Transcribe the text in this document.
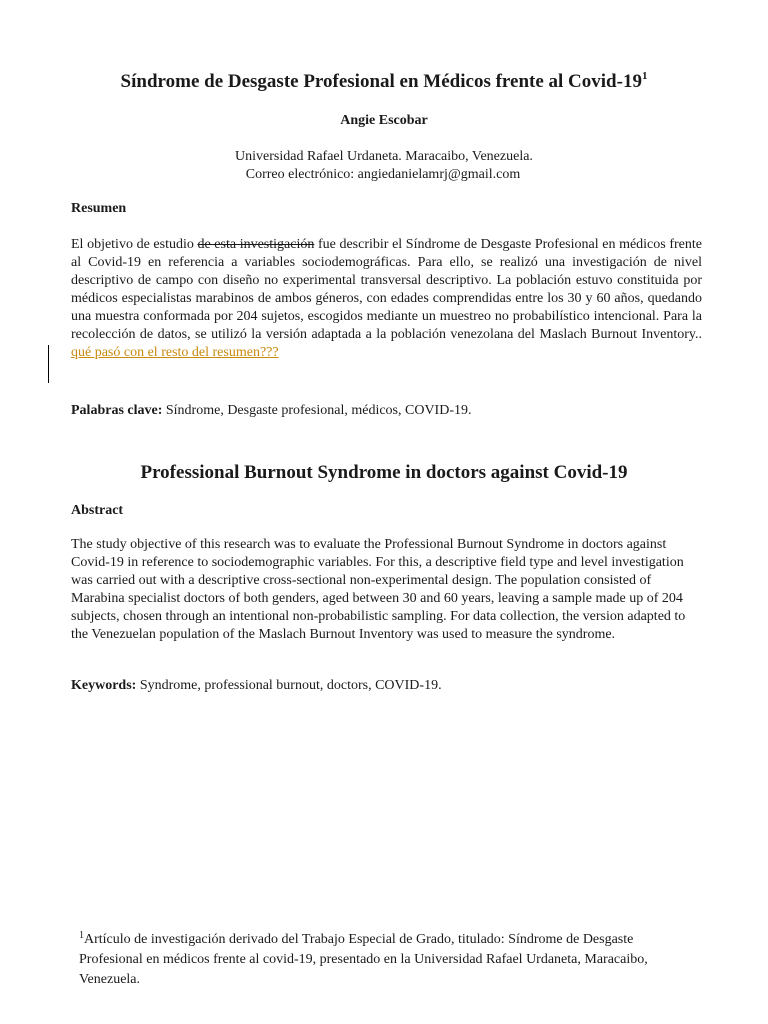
Síndrome de Desgaste Profesional en Médicos frente al Covid-$19^1$
Angie Escobar
Universidad Rafael Urdaneta. Maracaibo, Venezuela.
Correo electrónico: angiedanielamrj@gmail.com
Resumen
El objetivo de estudio de esta investigación fue describir el Síndrome de Desgaste Profesional en médicos frente al Covid-19 en referencia a variables sociodemográficas. Para ello, se realizó una investigación de nivel descriptivo de campo con diseño no experimental transversal descriptivo. La población estuvo constituida por médicos especialistas marabinos de ambos géneros, con edades comprendidas entre los 30 y 60 años, quedando una muestra conformada por 204 sujetos, escogidos mediante un muestreo no probabilístico intencional. Para la recolección de datos, se utilizó la versión adaptada a la población venezolana del Maslach Burnout Inventory.. qué pasó con el resto del resumen???
Palabras clave: Síndrome, Desgaste profesional, médicos, COVID-19.
Professional Burnout Syndrome in doctors against Covid-19
Abstract
The study objective of this research was to evaluate the Professional Burnout Syndrome in doctors against Covid-19 in reference to sociodemographic variables. For this, a descriptive field type and level investigation was carried out with a descriptive cross-sectional non-experimental design. The population consisted of Marabina specialist doctors of both genders, aged between 30 and 60 years, leaving a sample made up of 204 subjects, chosen through an intentional non-probabilistic sampling. For data collection, the version adapted to the Venezuelan population of the Maslach Burnout Inventory was used to measure the syndrome.
Keywords: Syndrome, professional burnout, doctors, COVID-19.
$^1$Artículo de investigación derivado del Trabajo Especial de Grado, titulado: Síndrome de Desgaste Profesional en médicos frente al covid-19, presentado en la Universidad Rafael Urdaneta, Maracaibo, Venezuela.
